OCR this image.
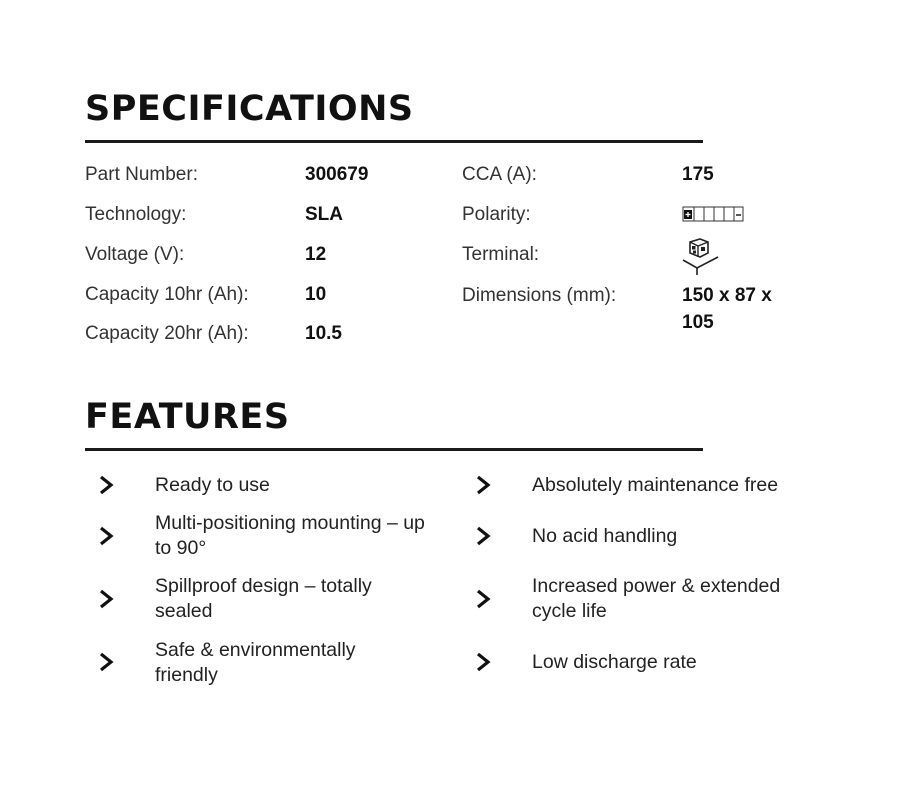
SPECIFICATIONS
Part Number:	300679
Technology:	SLA
Voltage (V):	12
Capacity 10hr (Ah):	10
Capacity 20hr (Ah):	10.5
CCA (A):	175
Polarity:
Terminal:
Dimensions (mm):	150 x 87 x 105
FEATURES
Ready to use
Multi-positioning mounting – up to 90°
Spillproof design – totally sealed
Safe & environmentally friendly
Absolutely maintenance free
No acid handling
Increased power & extended cycle life
Low discharge rate
